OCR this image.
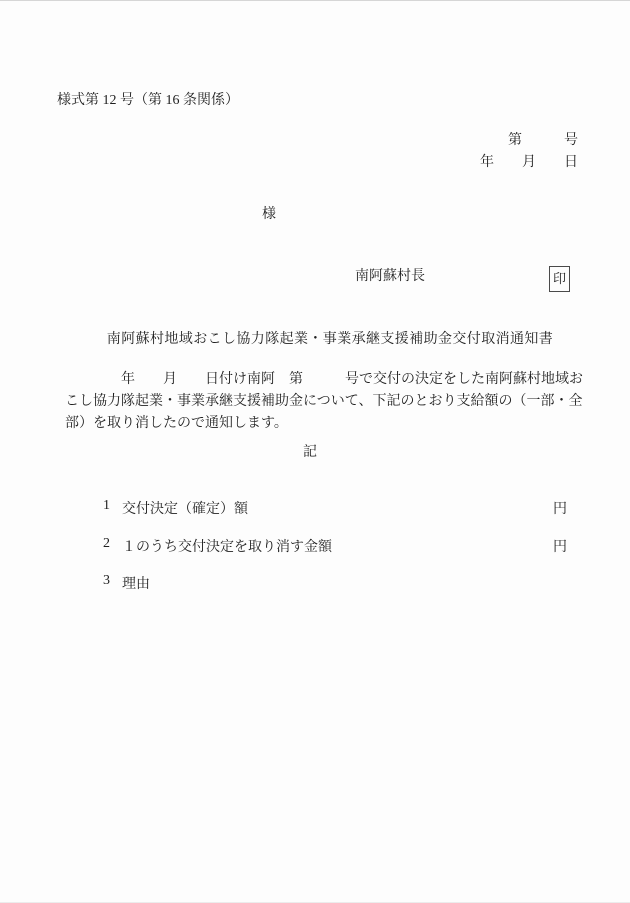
様式第 12 号（第 16 条関係）
第　　　号
年　　月　　日
様
南阿蘇村長	印
南阿蘇村地域おこし協力隊起業・事業承継支援補助金交付取消通知書
　　　　年　　月　　日付け南阿　第　　　号で交付の決定をした南阿蘇村地域お
こし協力隊起業・事業承継支援補助金について、下記のとおり支給額の（一部・全
部）を取り消したので通知します。
記
1 交付決定（確定）額	円
2 １のうち交付決定を取り消す金額	円
3 理由
